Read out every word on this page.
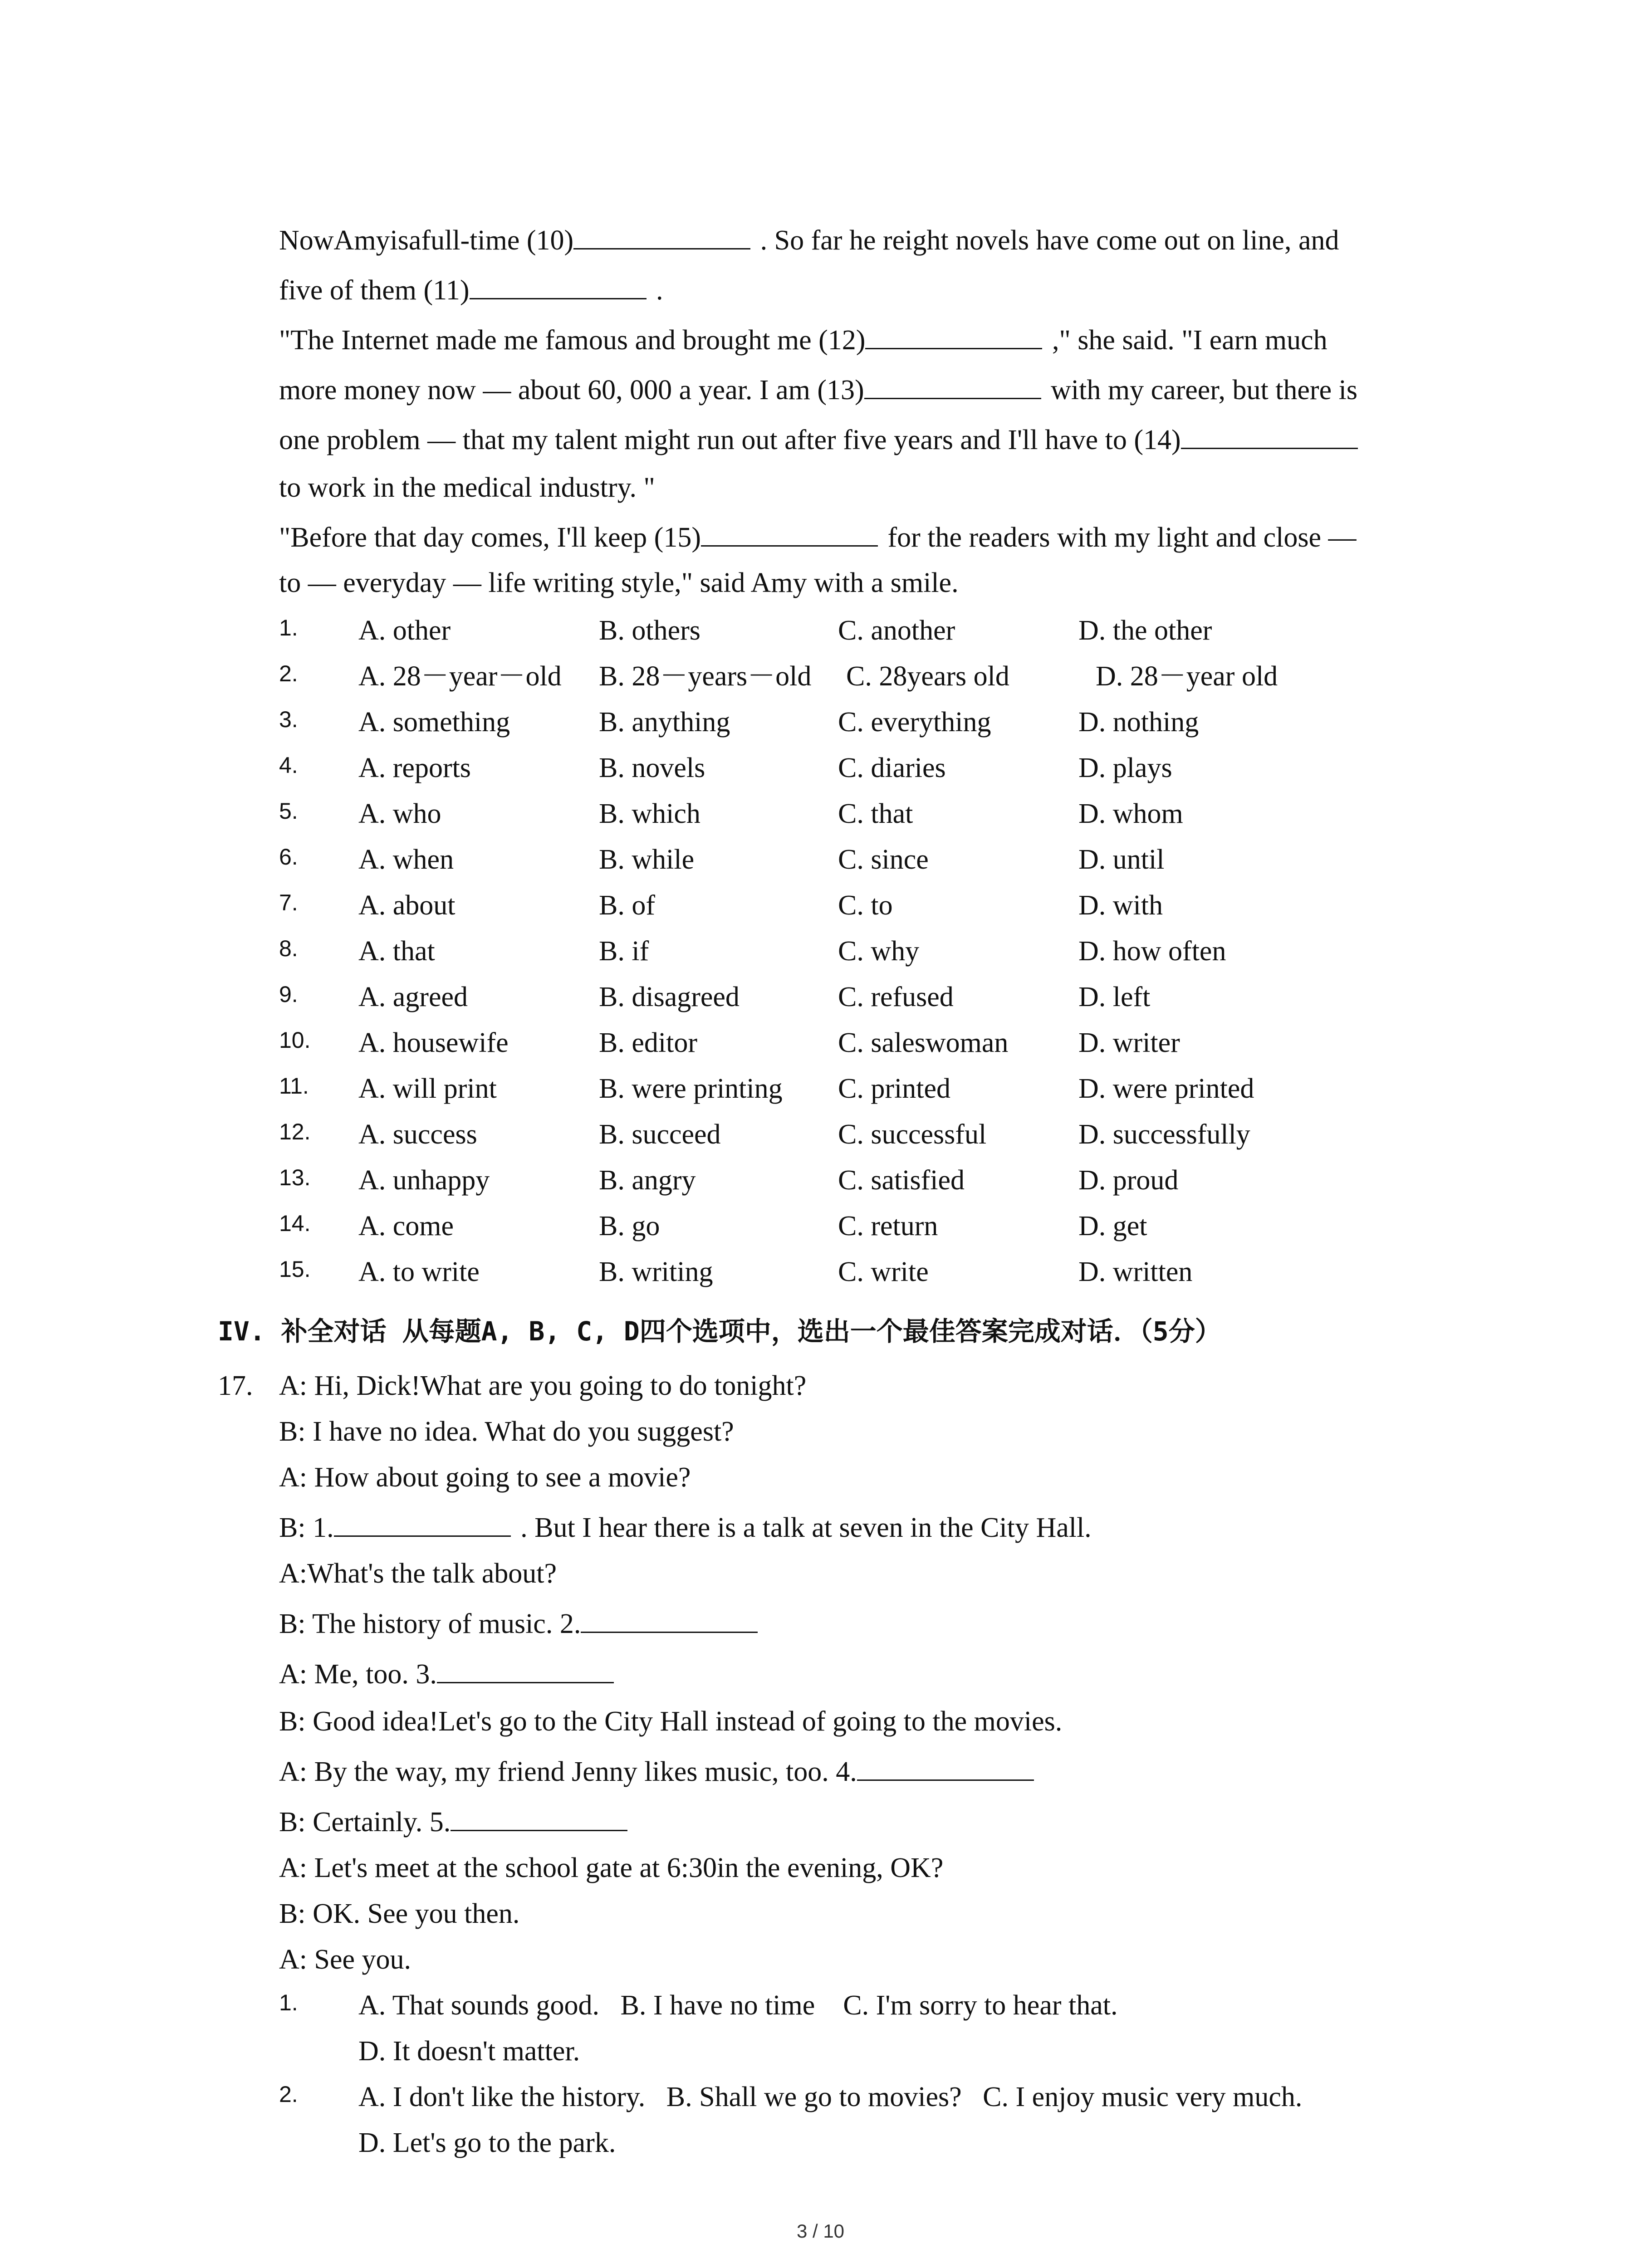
NowAmyisafull-time (10)	. So far he reight novels have come out on line, and
five of them (11)	.
"The Internet made me famous and brought me (12)	," she said. "I earn much
more money now — about 60, 000 a year. I am (13)	with my career, but there is
one problem — that my talent might run out after five years and I'll have to (14)
to work in the medical industry. "
"Before that day comes, I'll keep (15)	for the readers with my light and close —
to — everyday — life writing style," said Amy with a smile.
1. A. other	B. others	C. another	D. the other
2. A. 28－year－old B. 28－years－old C. 28years old	D. 28－year old
3. A. something	B. anything	C. everything	D. nothing
4. A. reports	B. novels	C. diaries	D. plays
5. A. who	B. which	C. that	D. whom
6. A. when	B. while	C. since	D. until
7. A. about	B. of	C. to	D. with
8. A. that	B. if	C. why	D. how often
9. A. agreed	B. disagreed	C. refused	D. left
10. A. housewife	B. editor	C. saleswoman D. writer
11. A. will print	B. were printing C. printed	D. were printed
12. A. success	B. succeed	C. successful	D. successfully
13. A. unhappy	B. angry	C. satisfied	D. proud
14. A. come	B. go	C. return	D. get
15. A. to write	B. writing	C. write	D. written
IV. 补全对话 从每题A, B, C, D四个选项中，选出一个最佳答案完成对话．（5分）
17. A: Hi, Dick!What are you going to do tonight?
B: I have no idea. What do you suggest?
A: How about going to see a movie?
B: 1.	. But I hear there is a talk at seven in the City Hall.
A:What's the talk about?
B: The history of music. 2.
A: Me, too. 3.
B: Good idea!Let's go to the City Hall instead of going to the movies.
A: By the way, my friend Jenny likes music, too. 4.
B: Certainly. 5.
A: Let's meet at the school gate at 6:30in the evening, OK?
B: OK. See you then.
A: See you.
1. A. That sounds good.   B. I have no time    C. I'm sorry to hear that.
D. It doesn't matter.
2. A. I don't like the history.   B. Shall we go to movies?   C. I enjoy music very much.
D. Let's go to the park.
3 / 10
